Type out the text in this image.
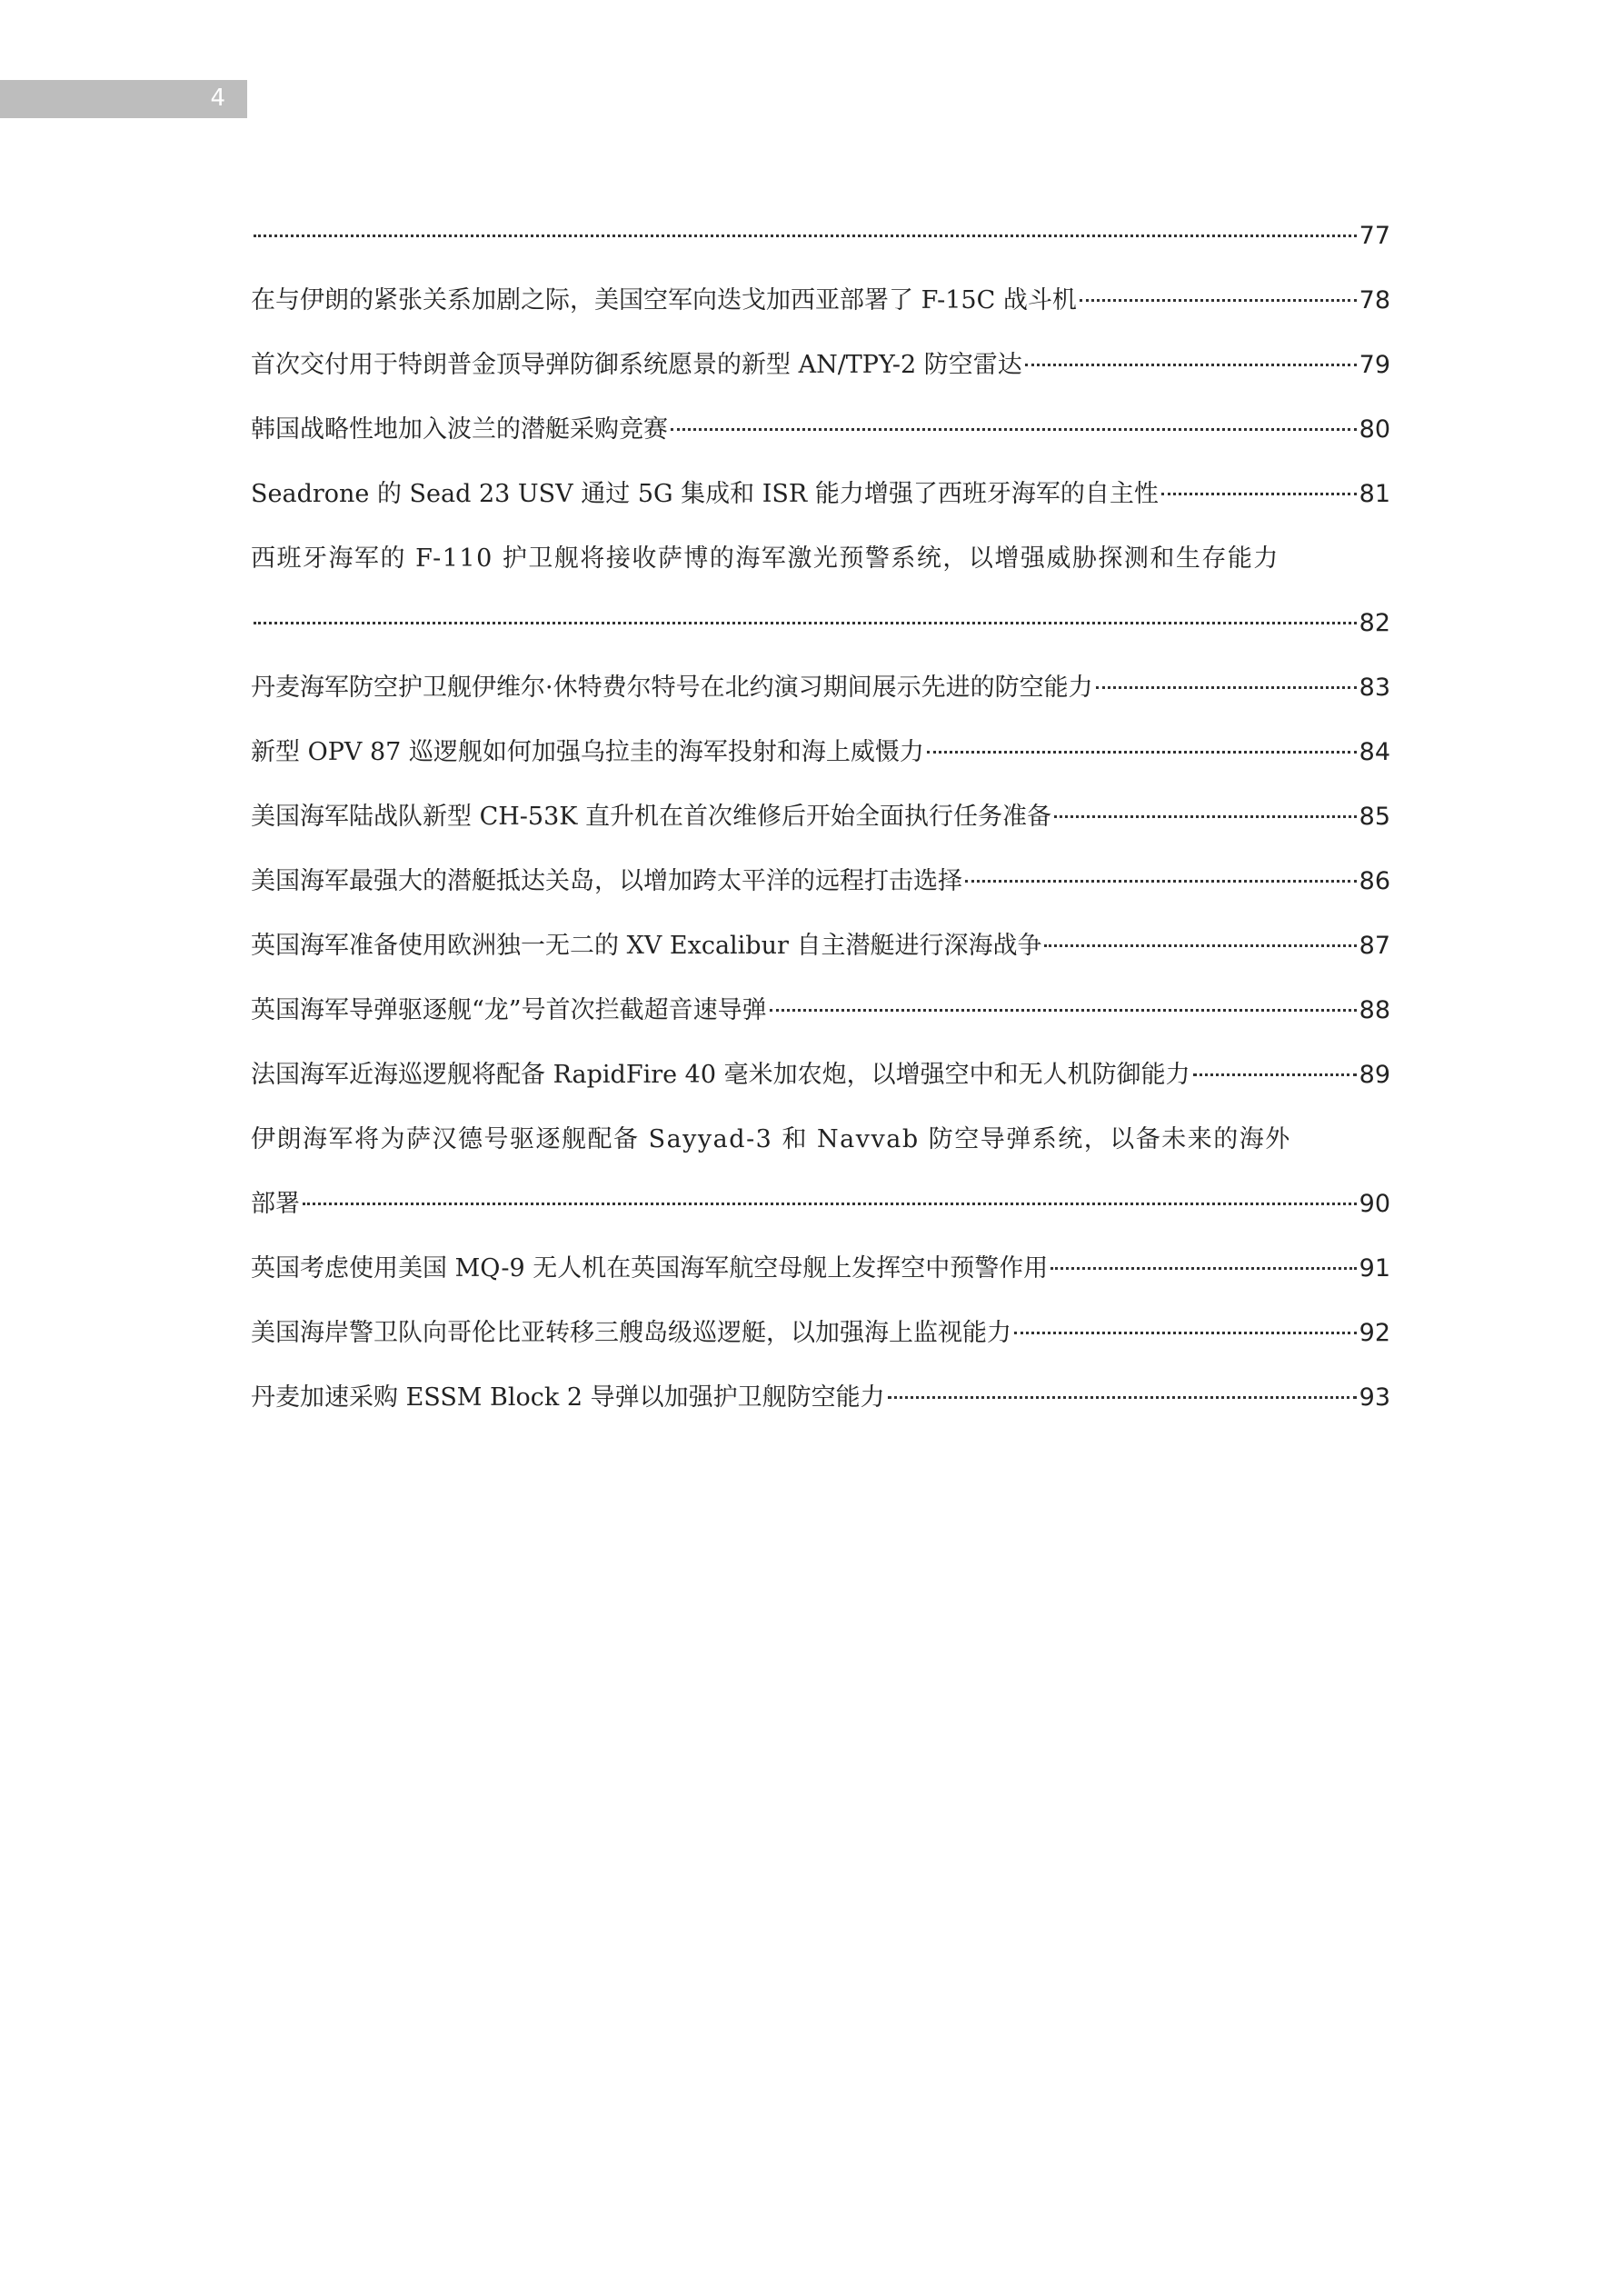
4
77
在与伊朗的紧张关系加剧之际，美国空军向迭戈加西亚部署了 F-15C 战斗机	78
首次交付用于特朗普金顶导弹防御系统愿景的新型 AN/TPY-2 防空雷达	79
韩国战略性地加入波兰的潜艇采购竞赛	80
Seadrone 的 Sead 23 USV 通过 5G 集成和 ISR 能力增强了西班牙海军的自主性	81
西班牙海军的 F-110 护卫舰将接收萨博的海军激光预警系统，以增强威胁探测和生存能力
82
丹麦海军防空护卫舰伊维尔·休特费尔特号在北约演习期间展示先进的防空能力	83
新型 OPV 87 巡逻舰如何加强乌拉圭的海军投射和海上威慑力	84
美国海军陆战队新型 CH-53K 直升机在首次维修后开始全面执行任务准备	85
美国海军最强大的潜艇抵达关岛，以增加跨太平洋的远程打击选择	86
英国海军准备使用欧洲独一无二的 XV Excalibur 自主潜艇进行深海战争	87
英国海军导弹驱逐舰“龙”号首次拦截超音速导弹	88
法国海军近海巡逻舰将配备 RapidFire 40 毫米加农炮，以增强空中和无人机防御能力	89
伊朗海军将为萨汉德号驱逐舰配备 Sayyad-3 和 Navvab 防空导弹系统，以备未来的海外
部署	90
英国考虑使用美国 MQ-9 无人机在英国海军航空母舰上发挥空中预警作用	91
美国海岸警卫队向哥伦比亚转移三艘岛级巡逻艇，以加强海上监视能力	92
丹麦加速采购 ESSM Block 2 导弹以加强护卫舰防空能力	93
